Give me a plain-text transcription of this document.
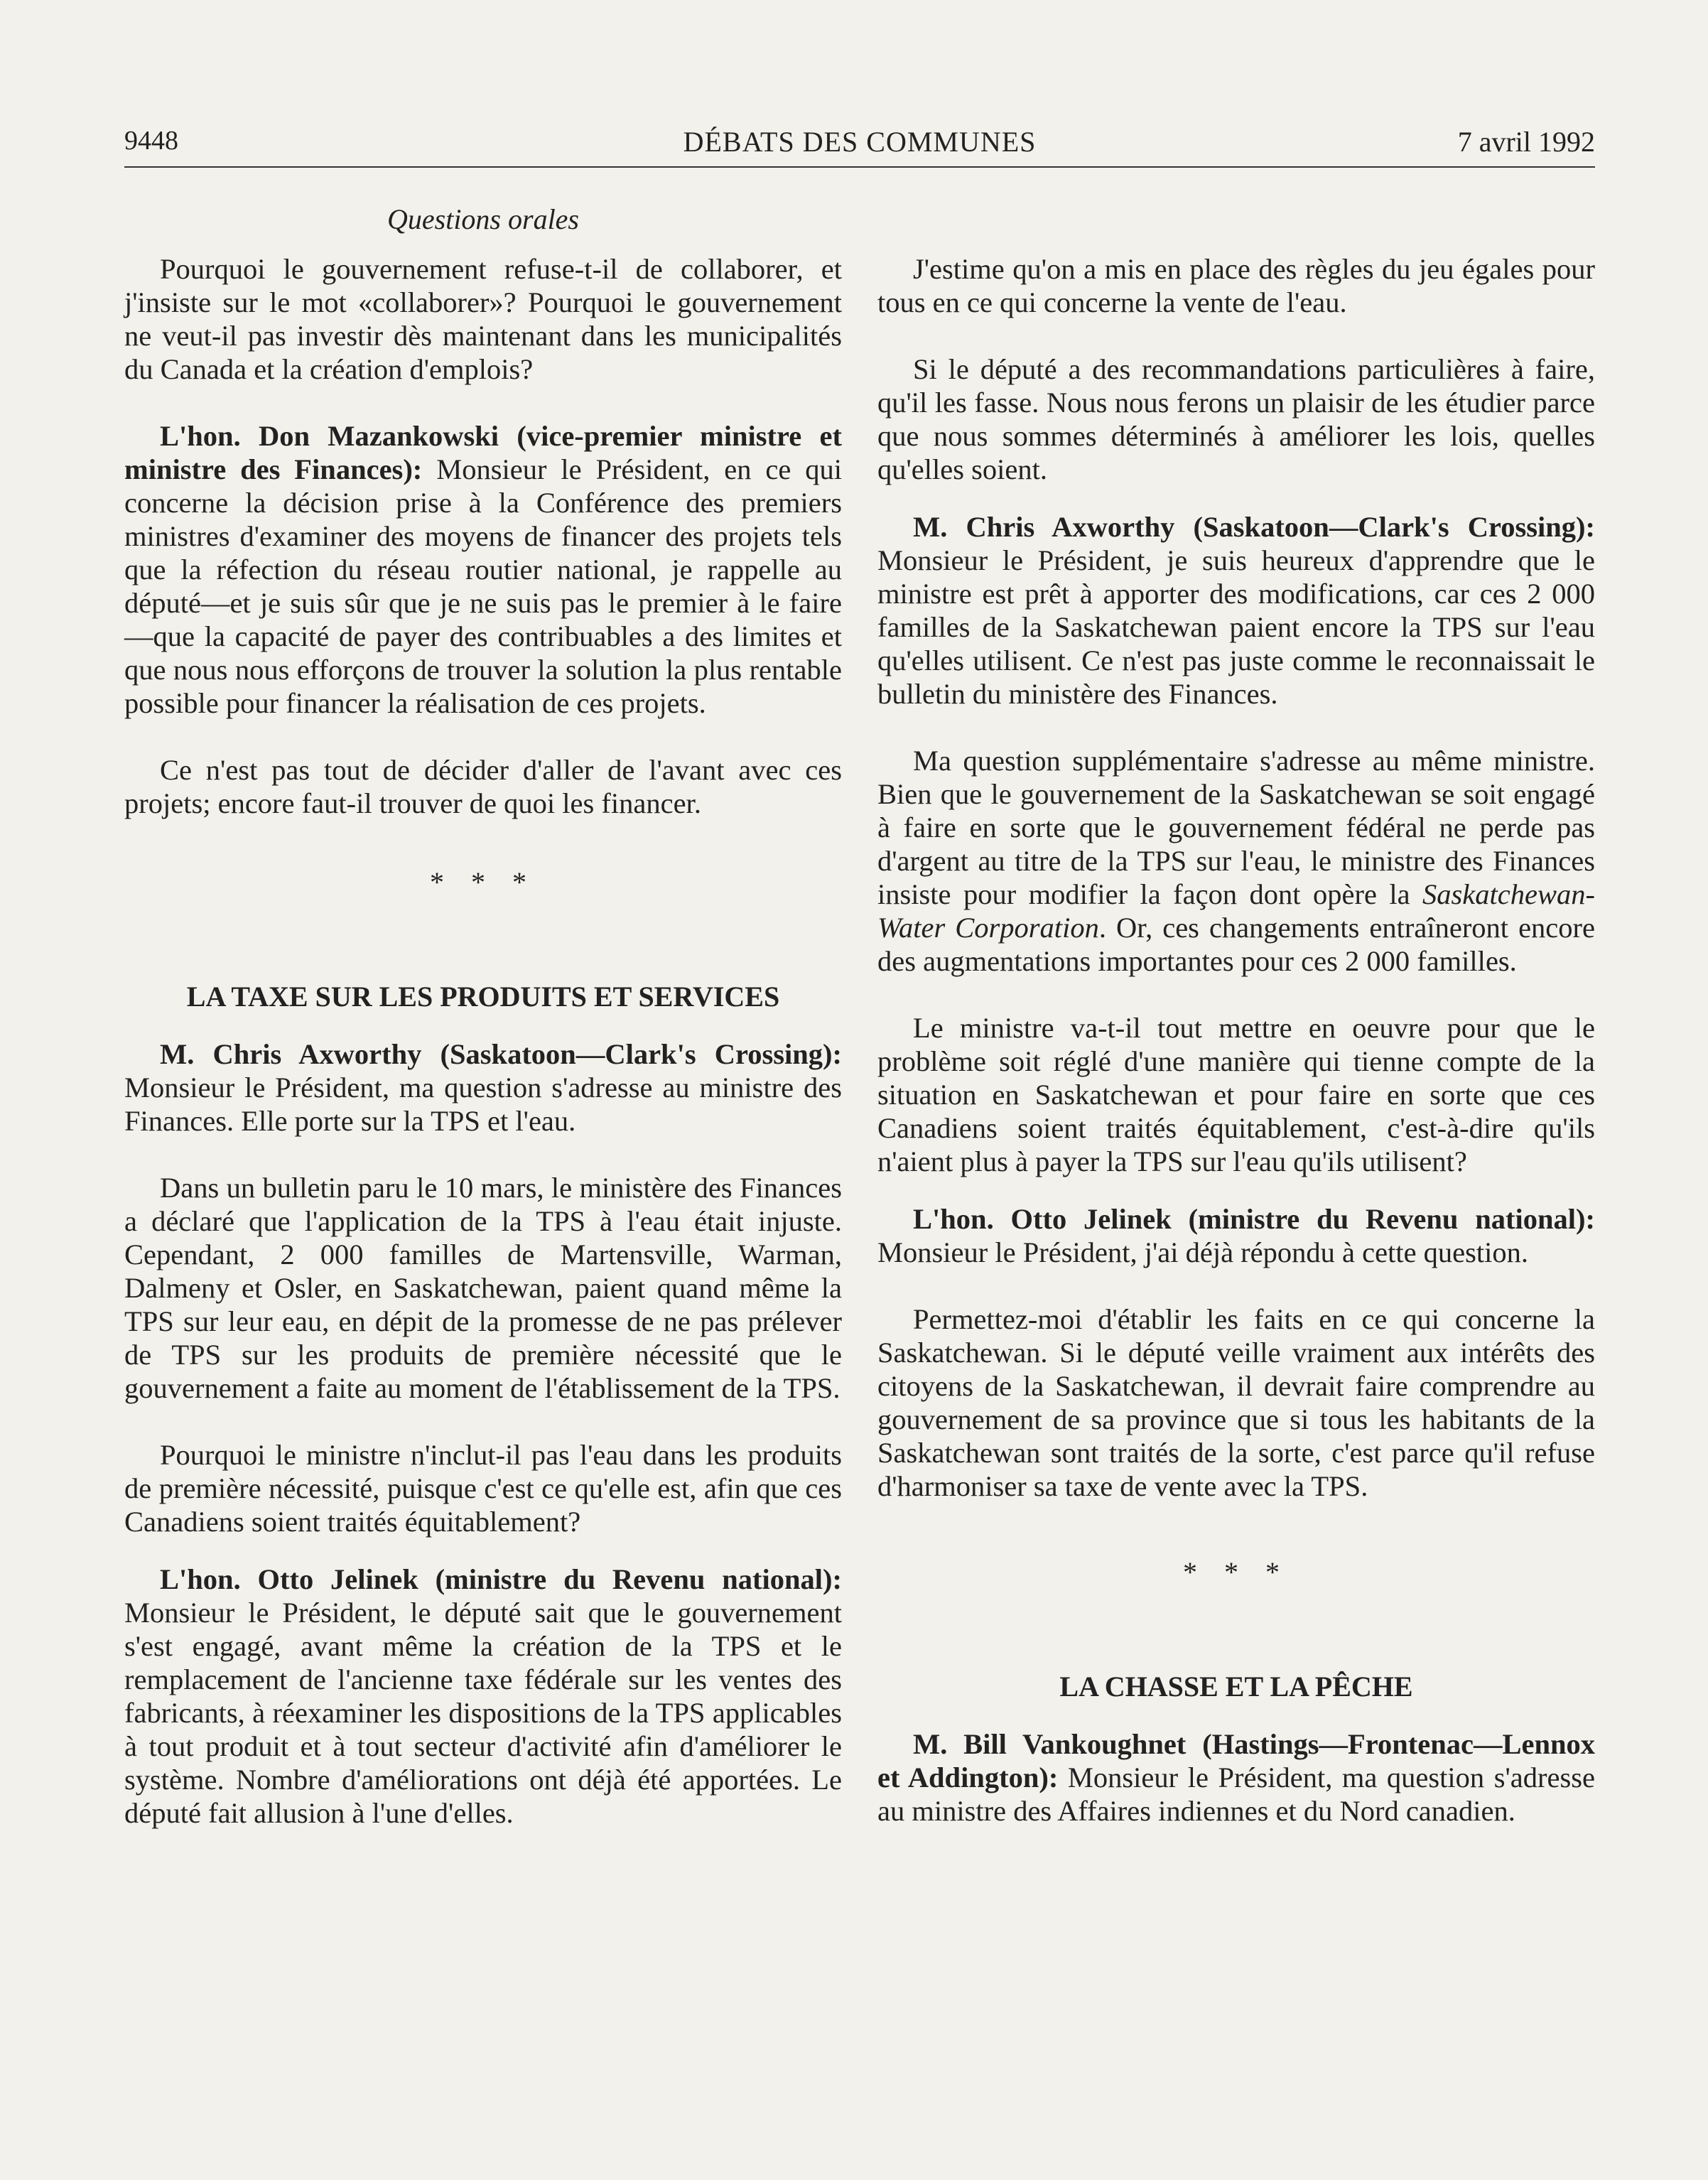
9448	DÉBATS DES COMMUNES	7 avril 1992
Questions orales

Pourquoi le gouvernement refuse-t-il de collaborer, et j'insiste sur le mot «collaborer»? Pourquoi le gouvernement ne veut-il pas investir dès maintenant dans les municipalités du Canada et la création d'emplois?

L'hon. Don Mazankowski (vice-premier ministre et ministre des Finances): Monsieur le Président, en ce qui concerne la décision prise à la Conférence des premiers ministres d'examiner des moyens de financer des projets tels que la réfection du réseau routier national, je rappelle au député—et je suis sûr que je ne suis pas le premier à le faire—que la capacité de payer des contribuables a des limites et que nous nous efforçons de trouver la solution la plus rentable possible pour financer la réalisation de ces projets.

Ce n'est pas tout de décider d'aller de l'avant avec ces projets; encore faut-il trouver de quoi les financer.

* * *
LA TAXE SUR LES PRODUITS ET SERVICES

M. Chris Axworthy (Saskatoon—Clark's Crossing): Monsieur le Président, ma question s'adresse au ministre des Finances. Elle porte sur la TPS et l'eau.

Dans un bulletin paru le 10 mars, le ministère des Finances a déclaré que l'application de la TPS à l'eau était injuste. Cependant, 2 000 familles de Martensville, Warman, Dalmeny et Osler, en Saskatchewan, paient quand même la TPS sur leur eau, en dépit de la promesse de ne pas prélever de TPS sur les produits de première nécessité que le gouvernement a faite au moment de l'établissement de la TPS.

Pourquoi le ministre n'inclut-il pas l'eau dans les produits de première nécessité, puisque c'est ce qu'elle est, afin que ces Canadiens soient traités équitablement?

L'hon. Otto Jelinek (ministre du Revenu national): Monsieur le Président, le député sait que le gouvernement s'est engagé, avant même la création de la TPS et le remplacement de l'ancienne taxe fédérale sur les ventes des fabricants, à réexaminer les dispositions de la TPS applicables à tout produit et à tout secteur d'activité afin d'améliorer le système. Nombre d'améliorations ont déjà été apportées. Le député fait allusion à l'une d'elles.

J'estime qu'on a mis en place des règles du jeu égales pour tous en ce qui concerne la vente de l'eau.

Si le député a des recommandations particulières à faire, qu'il les fasse. Nous nous ferons un plaisir de les étudier parce que nous sommes déterminés à améliorer les lois, quelles qu'elles soient.

M. Chris Axworthy (Saskatoon—Clark's Crossing): Monsieur le Président, je suis heureux d'apprendre que le ministre est prêt à apporter des modifications, car ces 2 000 familles de la Saskatchewan paient encore la TPS sur l'eau qu'elles utilisent. Ce n'est pas juste comme le reconnaissait le bulletin du ministère des Finances.

Ma question supplémentaire s'adresse au même ministre. Bien que le gouvernement de la Saskatchewan se soit engagé à faire en sorte que le gouvernement fédéral ne perde pas d'argent au titre de la TPS sur l'eau, le ministre des Finances insiste pour modifier la façon dont opère la Saskatchewan-Water Corporation. Or, ces changements entraîneront encore des augmentations importantes pour ces 2 000 familles.

Le ministre va-t-il tout mettre en oeuvre pour que le problème soit réglé d'une manière qui tienne compte de la situation en Saskatchewan et pour faire en sorte que ces Canadiens soient traités équitablement, c'est-à-dire qu'ils n'aient plus à payer la TPS sur l'eau qu'ils utilisent?

L'hon. Otto Jelinek (ministre du Revenu national): Monsieur le Président, j'ai déjà répondu à cette question.

Permettez-moi d'établir les faits en ce qui concerne la Saskatchewan. Si le député veille vraiment aux intérêts des citoyens de la Saskatchewan, il devrait faire comprendre au gouvernement de sa province que si tous les habitants de la Saskatchewan sont traités de la sorte, c'est parce qu'il refuse d'harmoniser sa taxe de vente avec la TPS.

* * *
LA CHASSE ET LA PÊCHE

M. Bill Vankoughnet (Hastings—Frontenac—Lennox et Addington): Monsieur le Président, ma question s'adresse au ministre des Affaires indiennes et du Nord canadien.
